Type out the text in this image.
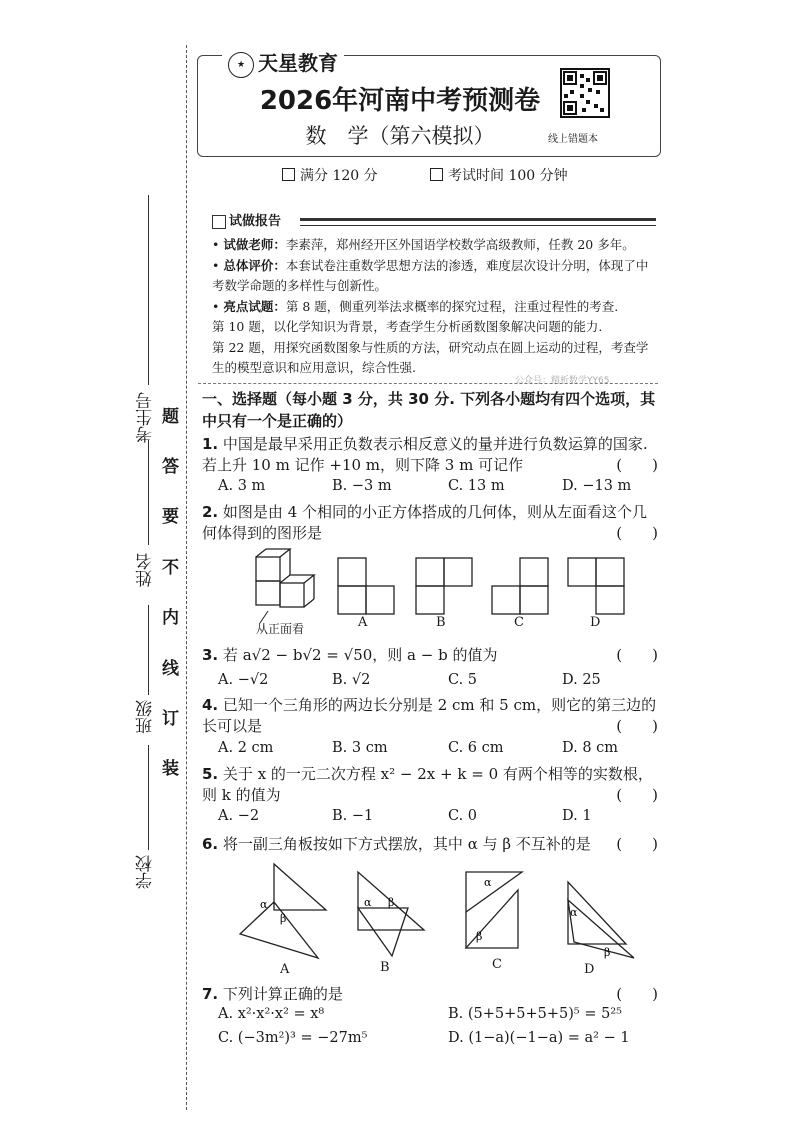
考生号
姓名
班级
学校
题
答
要
不
内
线
订
装
★ 天星教育
2026年河南中考预测卷
数　学（第六模拟）	线上错题本
满分 120 分	考试时间 100 分钟
试做报告

• 试做老师：李素萍，郑州经开区外国语学校数学高级教师，任教 20 多年。

• 总体评价：本套试卷注重数学思想方法的渗透，难度层次设计分明，体现了中考数学命题的多样性与创新性。

• 亮点试题：第 8 题，侧重列举法求概率的探究过程，注重过程性的考查.

第 10 题，以化学知识为背景，考查学生分析函数图象解决问题的能力.

第 22 题，用探究函数图象与性质的方法，研究动点在圆上运动的过程，考查学生的模型意识和应用意识，综合性强.

公众号：精析数学YY65
一、选择题（每小题 3 分，共 30 分. 下列各小题均有四个选项，其中只有一个是正确的）
1. 中国是最早采用正负数表示相反意义的量并进行负数运算的国家. 若上升 10 m 记作 +10 m，则下降 3 m 可记作	(　　)
A. 3 m	B. −3 m	C. 13 m	D. −13 m
2. 如图是由 4 个相同的小正方体搭成的几何体，则从左面看这个几何体得到的图形是	(　　)
从正面看	A	B	C	D
3. 若 a√2 − b√2 = √50，则 a − b 的值为	(　　)
A. −√2	B. √2	C. 5	D. 25
4. 已知一个三角形的两边长分别是 2 cm 和 5 cm，则它的第三边的长可以是	(　　)
A. 2 cm	B. 3 cm	C. 6 cm	D. 8 cm
5. 关于 x 的一元二次方程 x² − 2x + k = 0 有两个相等的实数根，则 k 的值为	(　　)
A. −2	B. −1	C. 0	D. 1
6. 将一副三角板按如下方式摆放，其中 α 与 β 不互补的是 (　　)
α
β
A
α β
B
α
β
C
α
β
D
7. 下列计算正确的是	(　　)
A. x²·x²·x² = x⁸	B. (5+5+5+5+5)⁵ = 5²⁵
C. (−3m²)³ = −27m⁵	D. (1−a)(−1−a) = a² − 1
